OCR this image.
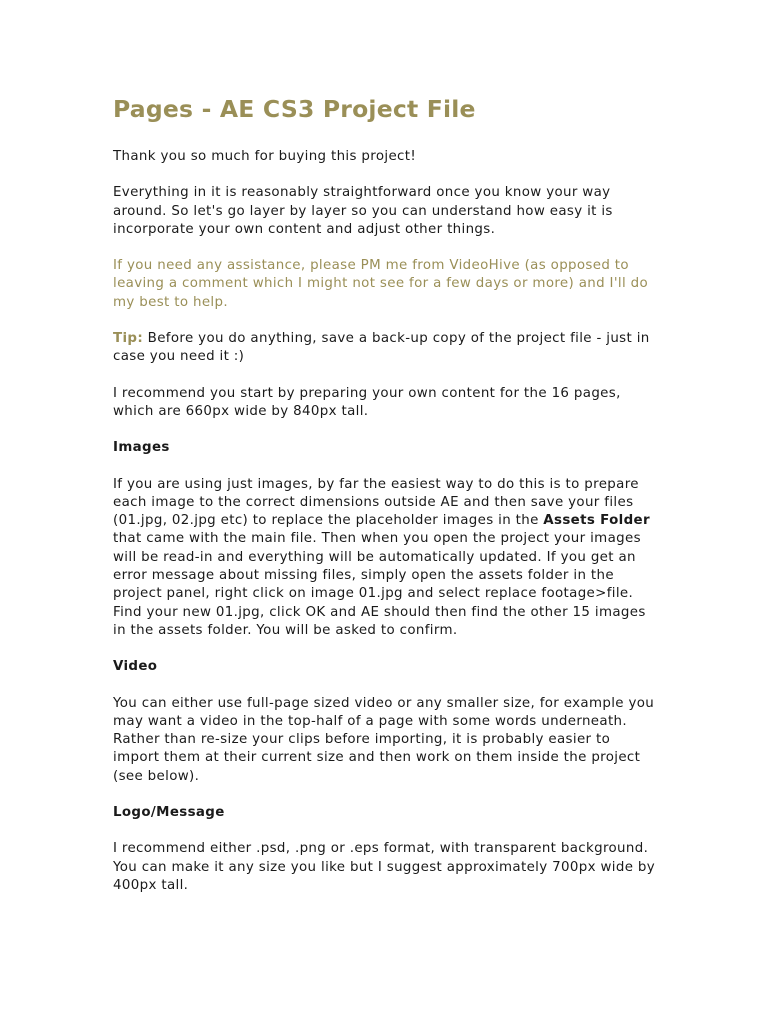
Pages - AE CS3 Project File

Thank you so much for buying this project!

Everything in it is reasonably straightforward once you know your way around. So let's go layer by layer so you can understand how easy it is incorporate your own content and adjust other things.

If you need any assistance, please PM me from VideoHive (as opposed to leaving a comment which I might not see for a few days or more) and I'll do my best to help.

Tip: Before you do anything, save a back-up copy of the project file - just in case you need it :)

I recommend you start by preparing your own content for the 16 pages, which are 660px wide by 840px tall.

Images

If you are using just images, by far the easiest way to do this is to prepare each image to the correct dimensions outside AE and then save your files (01.jpg, 02.jpg etc) to replace the placeholder images in the Assets Folder that came with the main file. Then when you open the project your images will be read-in and everything will be automatically updated. If you get an error message about missing files, simply open the assets folder in the project panel, right click on image 01.jpg and select replace footage>file. Find your new 01.jpg, click OK and AE should then find the other 15 images in the assets folder. You will be asked to confirm.

Video

You can either use full-page sized video or any smaller size, for example you may want a video in the top-half of a page with some words underneath. Rather than re-size your clips before importing, it is probably easier to import them at their current size and then work on them inside the project (see below).

Logo/Message

I recommend either .psd, .png or .eps format, with transparent background. You can make it any size you like but I suggest approximately 700px wide by 400px tall.
